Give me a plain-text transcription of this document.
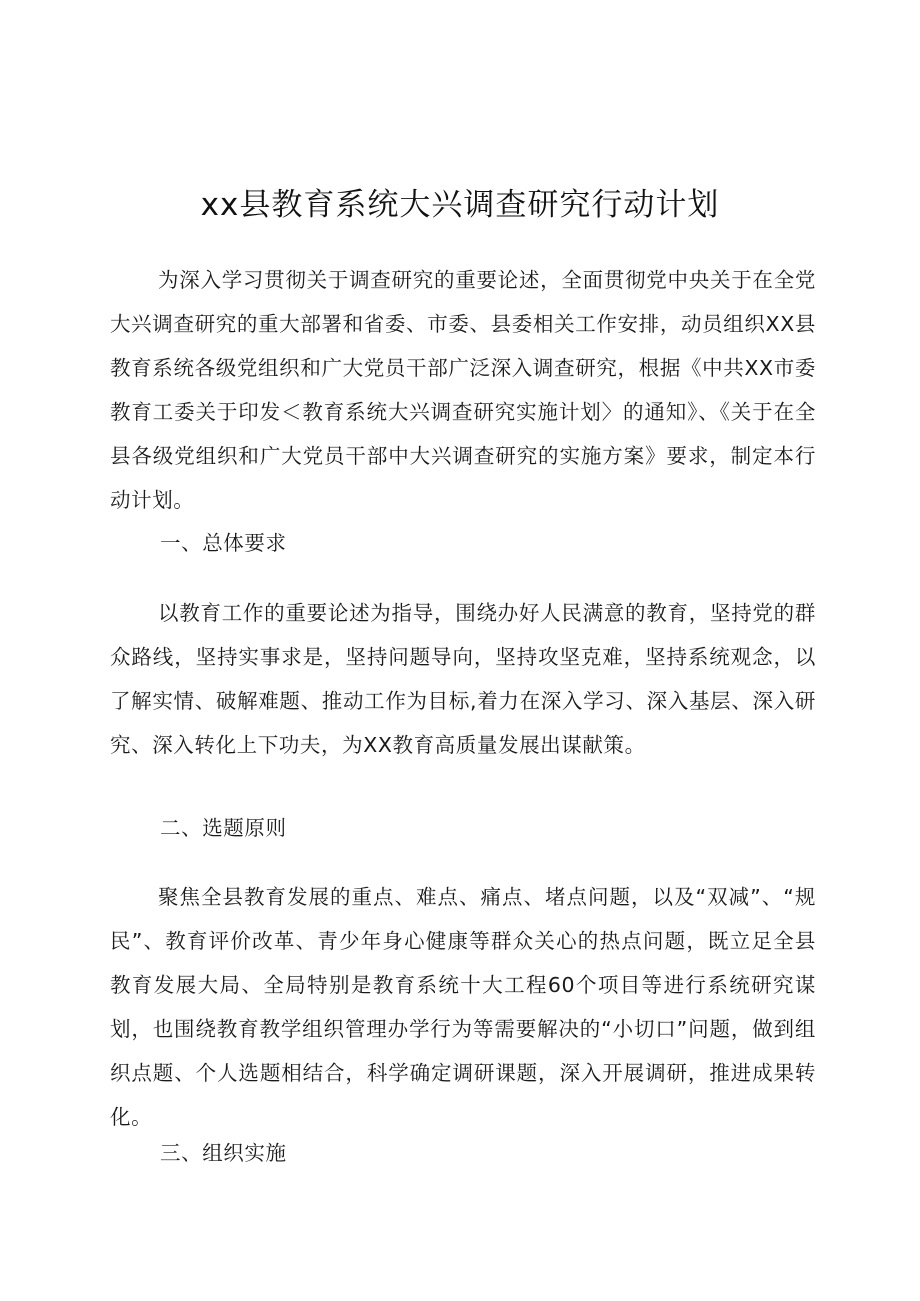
xx县教育系统大兴调查研究行动计划

为深入学习贯彻关于调查研究的重要论述，全面贯彻党中央关于在全党大兴调查研究的重大部署和省委、市委、县委相关工作安排，动员组织XX县教育系统各级党组织和广大党员干部广泛深入调查研究，根据《中共XX市委教育工委关于印发＜教育系统大兴调查研究实施计划〉的通知》、《关于在全县各级党组织和广大党员干部中大兴调查研究的实施方案》要求，制定本行动计划。

一、总体要求

以教育工作的重要论述为指导，围绕办好人民满意的教育，坚持党的群众路线，坚持实事求是，坚持问题导向，坚持攻坚克难，坚持系统观念，以了解实情、破解难题、推动工作为目标,着力在深入学习、深入基层、深入研究、深入转化上下功夫，为XX教育高质量发展出谋献策。

二、选题原则

聚焦全县教育发展的重点、难点、痛点、堵点问题，以及“双减”、“规民”、教育评价改革、青少年身心健康等群众关心的热点问题，既立足全县教育发展大局、全局特别是教育系统十大工程60个项目等进行系统研究谋划，也围绕教育教学组织管理办学行为等需要解决的“小切口”问题，做到组织点题、个人选题相结合，科学确定调研课题，深入开展调研，推进成果转化。

三、组织实施
